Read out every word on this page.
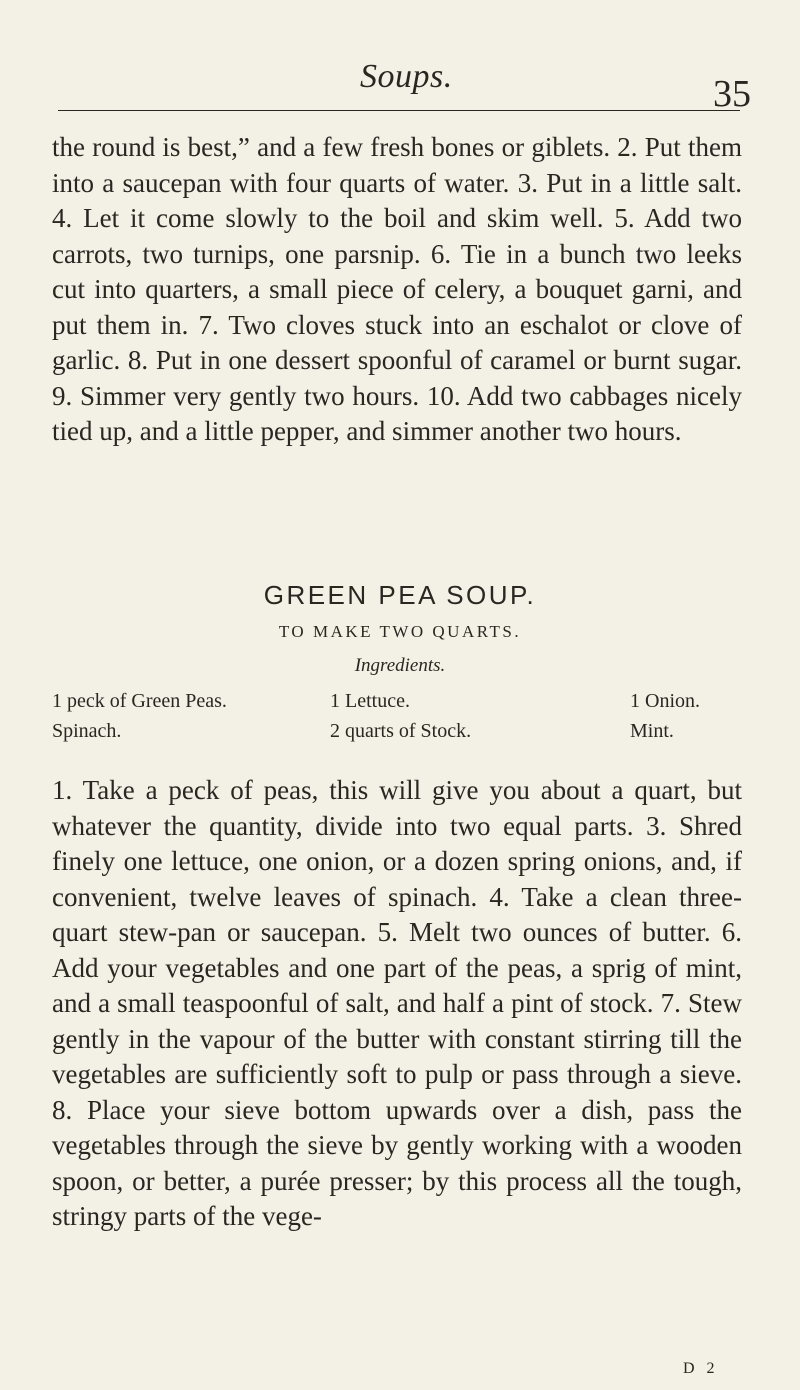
Soups.	35

the round is best,” and a few fresh bones or giblets. 2. Put them into a saucepan with four quarts of water. 3. Put in a little salt. 4. Let it come slowly to the boil and skim well. 5. Add two carrots, two turnips, one parsnip. 6. Tie in a bunch two leeks cut into quarters, a small piece of celery, a bouquet garni, and put them in. 7. Two cloves stuck into an eschalot or clove of garlic. 8. Put in one dessert spoonful of caramel or burnt sugar. 9. Simmer very gently two hours. 10. Add two cabbages nicely tied up, and a little pepper, and simmer another two hours.

GREEN PEA SOUP.
TO MAKE TWO QUARTS.
Ingredients.
1 peck of Green Peas.	1 Lettuce.	1 Onion.
Spinach.	2 quarts of Stock.	Mint.

1. Take a peck of peas, this will give you about a quart, but whatever the quantity, divide into two equal parts. 3. Shred finely one lettuce, one onion, or a dozen spring onions, and, if convenient, twelve leaves of spinach. 4. Take a clean three-quart stew-pan or saucepan. 5. Melt two ounces of butter. 6. Add your vegetables and one part of the peas, a sprig of mint, and a small teaspoonful of salt, and half a pint of stock. 7. Stew gently in the vapour of the butter with constant stirring till the vegetables are sufficiently soft to pulp or pass through a sieve. 8. Place your sieve bottom upwards over a dish, pass the vegetables through the sieve by gently working with a wooden spoon, or better, a purée presser; by this process all the tough, stringy parts of the vege-

D 2
